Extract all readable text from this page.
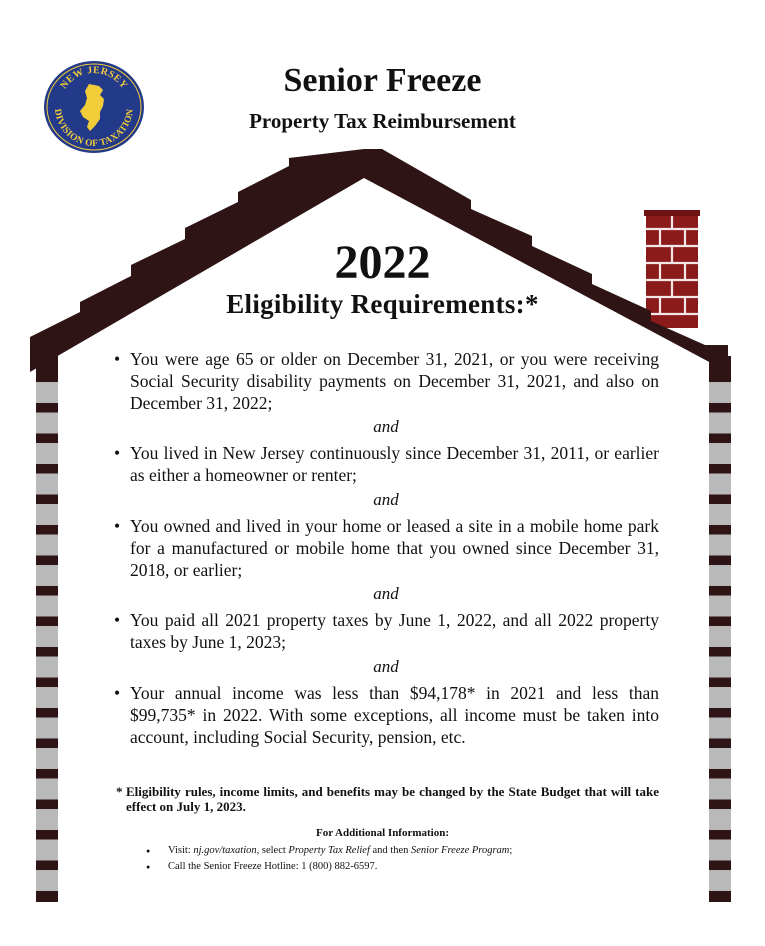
NEW JERSEY
DIVISION OF TAXATION
Senior Freeze
Property Tax Reimbursement
2022
Eligibility Requirements:*
• You were age 65 or older on December 31, 2021, or you were receiving Social Security disability payments on December 31, 2021, and also on December 31, 2022;
and
• You lived in New Jersey continuously since December 31, 2011, or earlier as either a homeowner or renter;
and
• You owned and lived in your home or leased a site in a mobile home park for a manufactured or mobile home that you owned since December 31, 2018, or earlier;
and
• You paid all 2021 property taxes by June 1, 2022, and all 2022 property taxes by June 1, 2023;
and
• Your annual income was less than $94,178* in 2021 and less than $99,735* in 2022. With some exceptions, all income must be taken into account, including Social Security, pension, etc.
* Eligibility rules, income limits, and benefits may be changed by the State Budget that will take effect on July 1, 2023.
For Additional Information:
● Visit: nj.gov/taxation, select Property Tax Relief and then Senior Freeze Program;
● Call the Senior Freeze Hotline: 1 (800) 882-6597.
